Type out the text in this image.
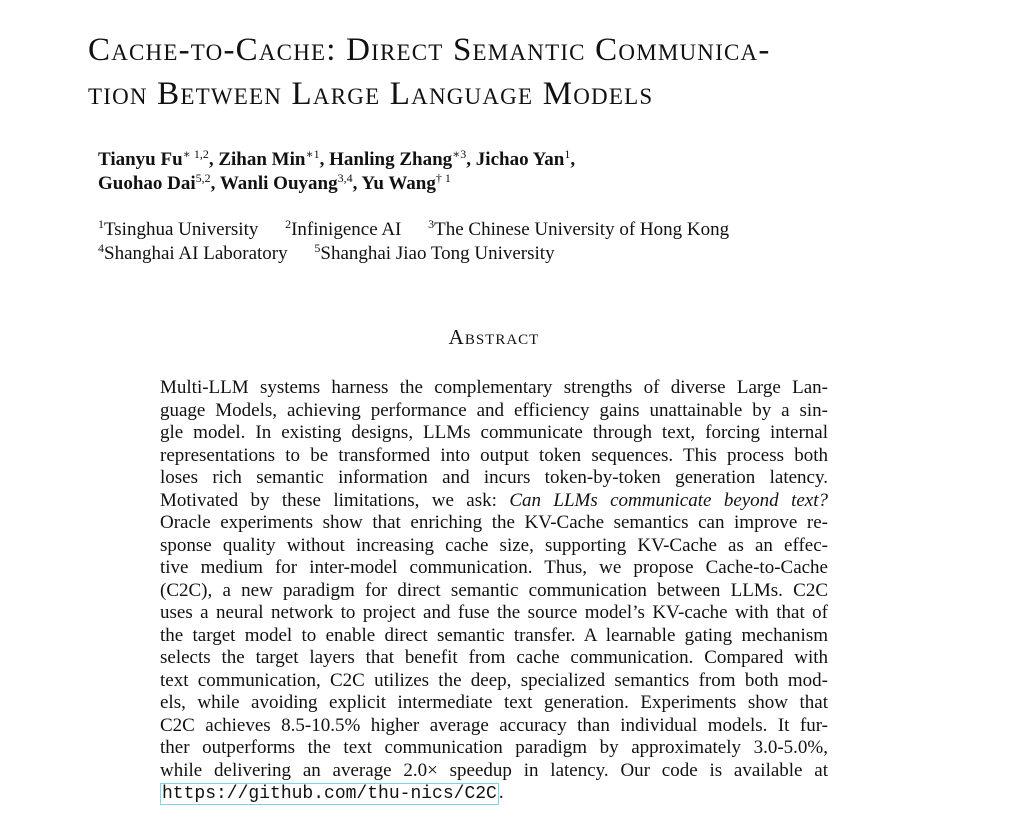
Cache-to-Cache: Direct Semantic Communica-
tion Between Large Language Models
Tianyu $Fu^{∗ 1,2}$, Zihan Min$^{∗1}$, Hanling Zhang$^{∗3}$, Jichao Yan$^1$,
Guohao Dai$^{5,2}$, Wanli Ouyang$^{3,4}$, Yu Wang$^{\dagger 1}$
$^1$Tsinghua University $^2$Infinigence AI $^3$The Chinese University of Hong Kong
$^4$Shanghai AI Laboratory $^5$Shanghai Jiao Tong University
Abstract
Multi-LLM systems harness the complementary strengths of diverse Large Lan-
guage Models, achieving performance and efficiency gains unattainable by a sin-
gle model. In existing designs, LLMs communicate through text, forcing internal
representations to be transformed into output token sequences. This process both
loses rich semantic information and incurs token-by-token generation latency.
Motivated by these limitations, we ask: Can LLMs communicate beyond text?
Oracle experiments show that enriching the KV-Cache semantics can improve re-
sponse quality without increasing cache size, supporting KV-Cache as an effec-
tive medium for inter-model communication. Thus, we propose Cache-to-Cache
(C2C), a new paradigm for direct semantic communication between LLMs. C2C
uses a neural network to project and fuse the source model’s KV-cache with that of
the target model to enable direct semantic transfer. A learnable gating mechanism
selects the target layers that benefit from cache communication. Compared with
text communication, C2C utilizes the deep, specialized semantics from both mod-
els, while avoiding explicit intermediate text generation. Experiments show that
C2C achieves 8.5-10.5% higher average accuracy than individual models. It fur-
ther outperforms the text communication paradigm by approximately 3.0-5.0%,
while delivering an average 2.0× speedup in latency. Our code is available at
https://github.com/thu-nics/C2C .
